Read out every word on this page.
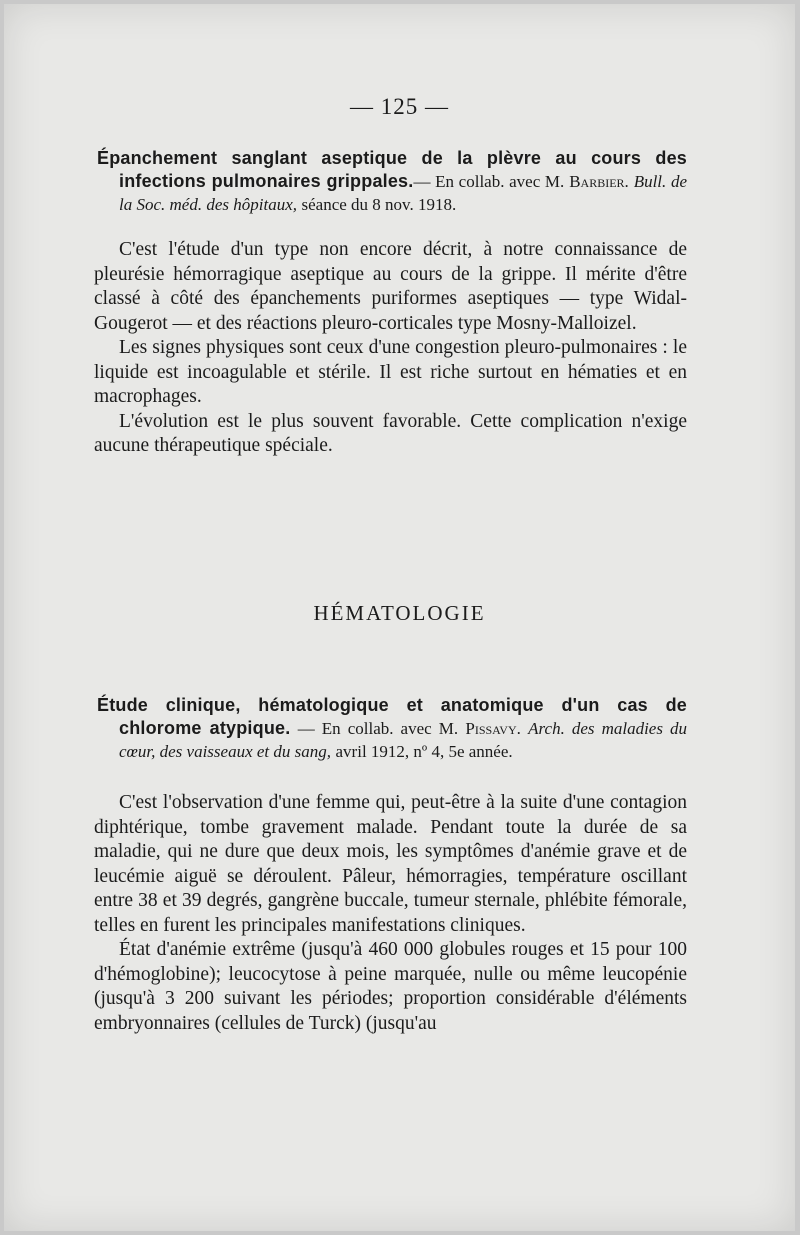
— 125 —
Épanchement sanglant aseptique de la plèvre au cours des infections pulmonaires grippales.— En collab. avec M. Barbier. Bull. de la Soc. méd. des hôpitaux, séance du 8 nov. 1918.

C'est l'étude d'un type non encore décrit, à notre connaissance de pleurésie hémorragique aseptique au cours de la grippe. Il mérite d'être classé à côté des épanchements puriformes aseptiques — type Widal-Gougerot — et des réactions pleuro-corticales type Mosny-Malloizel.

Les signes physiques sont ceux d'une congestion pleuro-pulmonaires : le liquide est incoagulable et stérile. Il est riche surtout en hématies et en macrophages.

L'évolution est le plus souvent favorable. Cette complication n'exige aucune thérapeutique spéciale.

HÉMATOLOGIE
Étude clinique, hématologique et anatomique d'un cas de chlorome atypique. — En collab. avec M. Pissavy. Arch. des maladies du cœur, des vaisseaux et du sang, avril 1912, nº 4, 5e année.

C'est l'observation d'une femme qui, peut-être à la suite d'une contagion diphtérique, tombe gravement malade. Pendant toute la durée de sa maladie, qui ne dure que deux mois, les symptômes d'anémie grave et de leucémie aiguë se déroulent. Pâleur, hémorragies, température oscillant entre 38 et 39 degrés, gangrène buccale, tumeur sternale, phlébite fémorale, telles en furent les principales manifestations cliniques.

État d'anémie extrême (jusqu'à 460 000 globules rouges et 15 pour 100 d'hémoglobine); leucocytose à peine marquée, nulle ou même leucopénie (jusqu'à 3 200 suivant les périodes; proportion considérable d'éléments embryonnaires (cellules de Turck) (jusqu'au
